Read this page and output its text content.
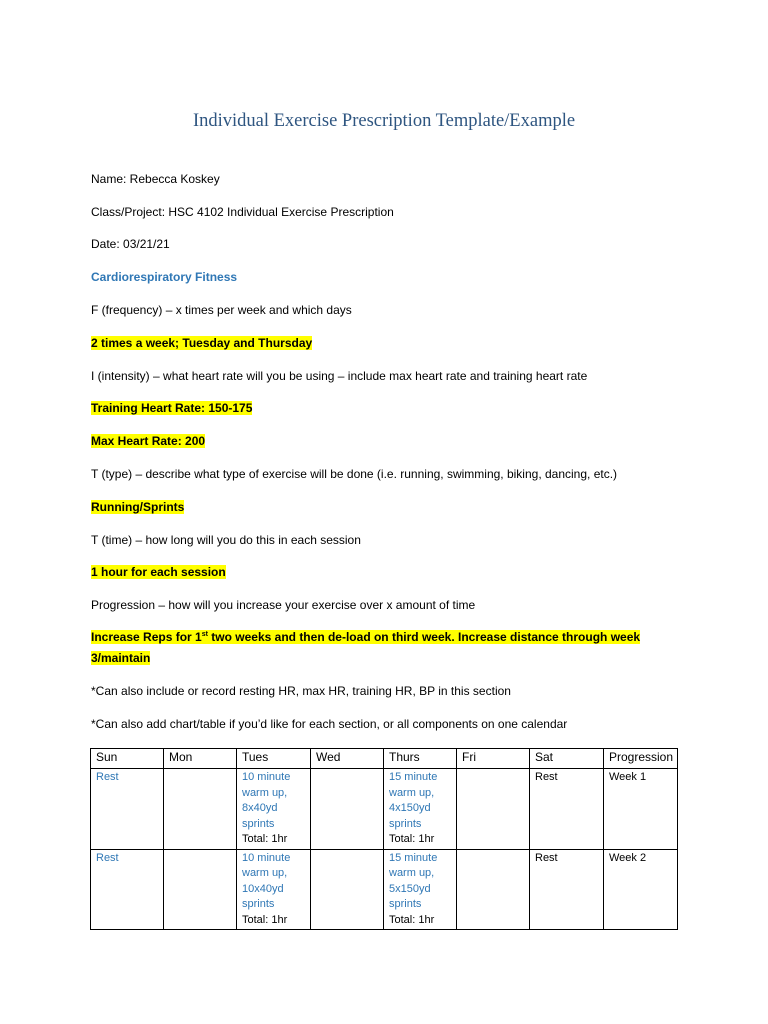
Individual Exercise Prescription Template/Example
Name: Rebecca Koskey
Class/Project: HSC 4102 Individual Exercise Prescription
Date: 03/21/21
Cardiorespiratory Fitness
F (frequency) – x times per week and which days
2 times a week; Tuesday and Thursday
I (intensity) – what heart rate will you be using – include max heart rate and training heart rate
Training Heart Rate: 150-175
Max Heart Rate: 200
T (type) – describe what type of exercise will be done (i.e. running, swimming, biking, dancing, etc.)
Running/Sprints
T (time) – how long will you do this in each session
1 hour for each session
Progression – how will you increase your exercise over x amount of time
Increase Reps for 1st two weeks and then de-load on third week. Increase distance through week 3/maintain
*Can also include or record resting HR, max HR, training HR, BP in this section
*Can also add chart/table if you’d like for each section, or all components on one calendar
Sun	Mon	Tues	Wed	Thurs	Fri	Sat	Progression
Rest		10 minute
warm up,
8x40yd
sprints
Total: 1hr		15 minute
warm up,
4x150yd
sprints
Total: 1hr		Rest	Week 1
Rest		10 minute
warm up,
10x40yd
sprints
Total: 1hr		15 minute
warm up,
5x150yd
sprints
Total: 1hr		Rest	Week 2
